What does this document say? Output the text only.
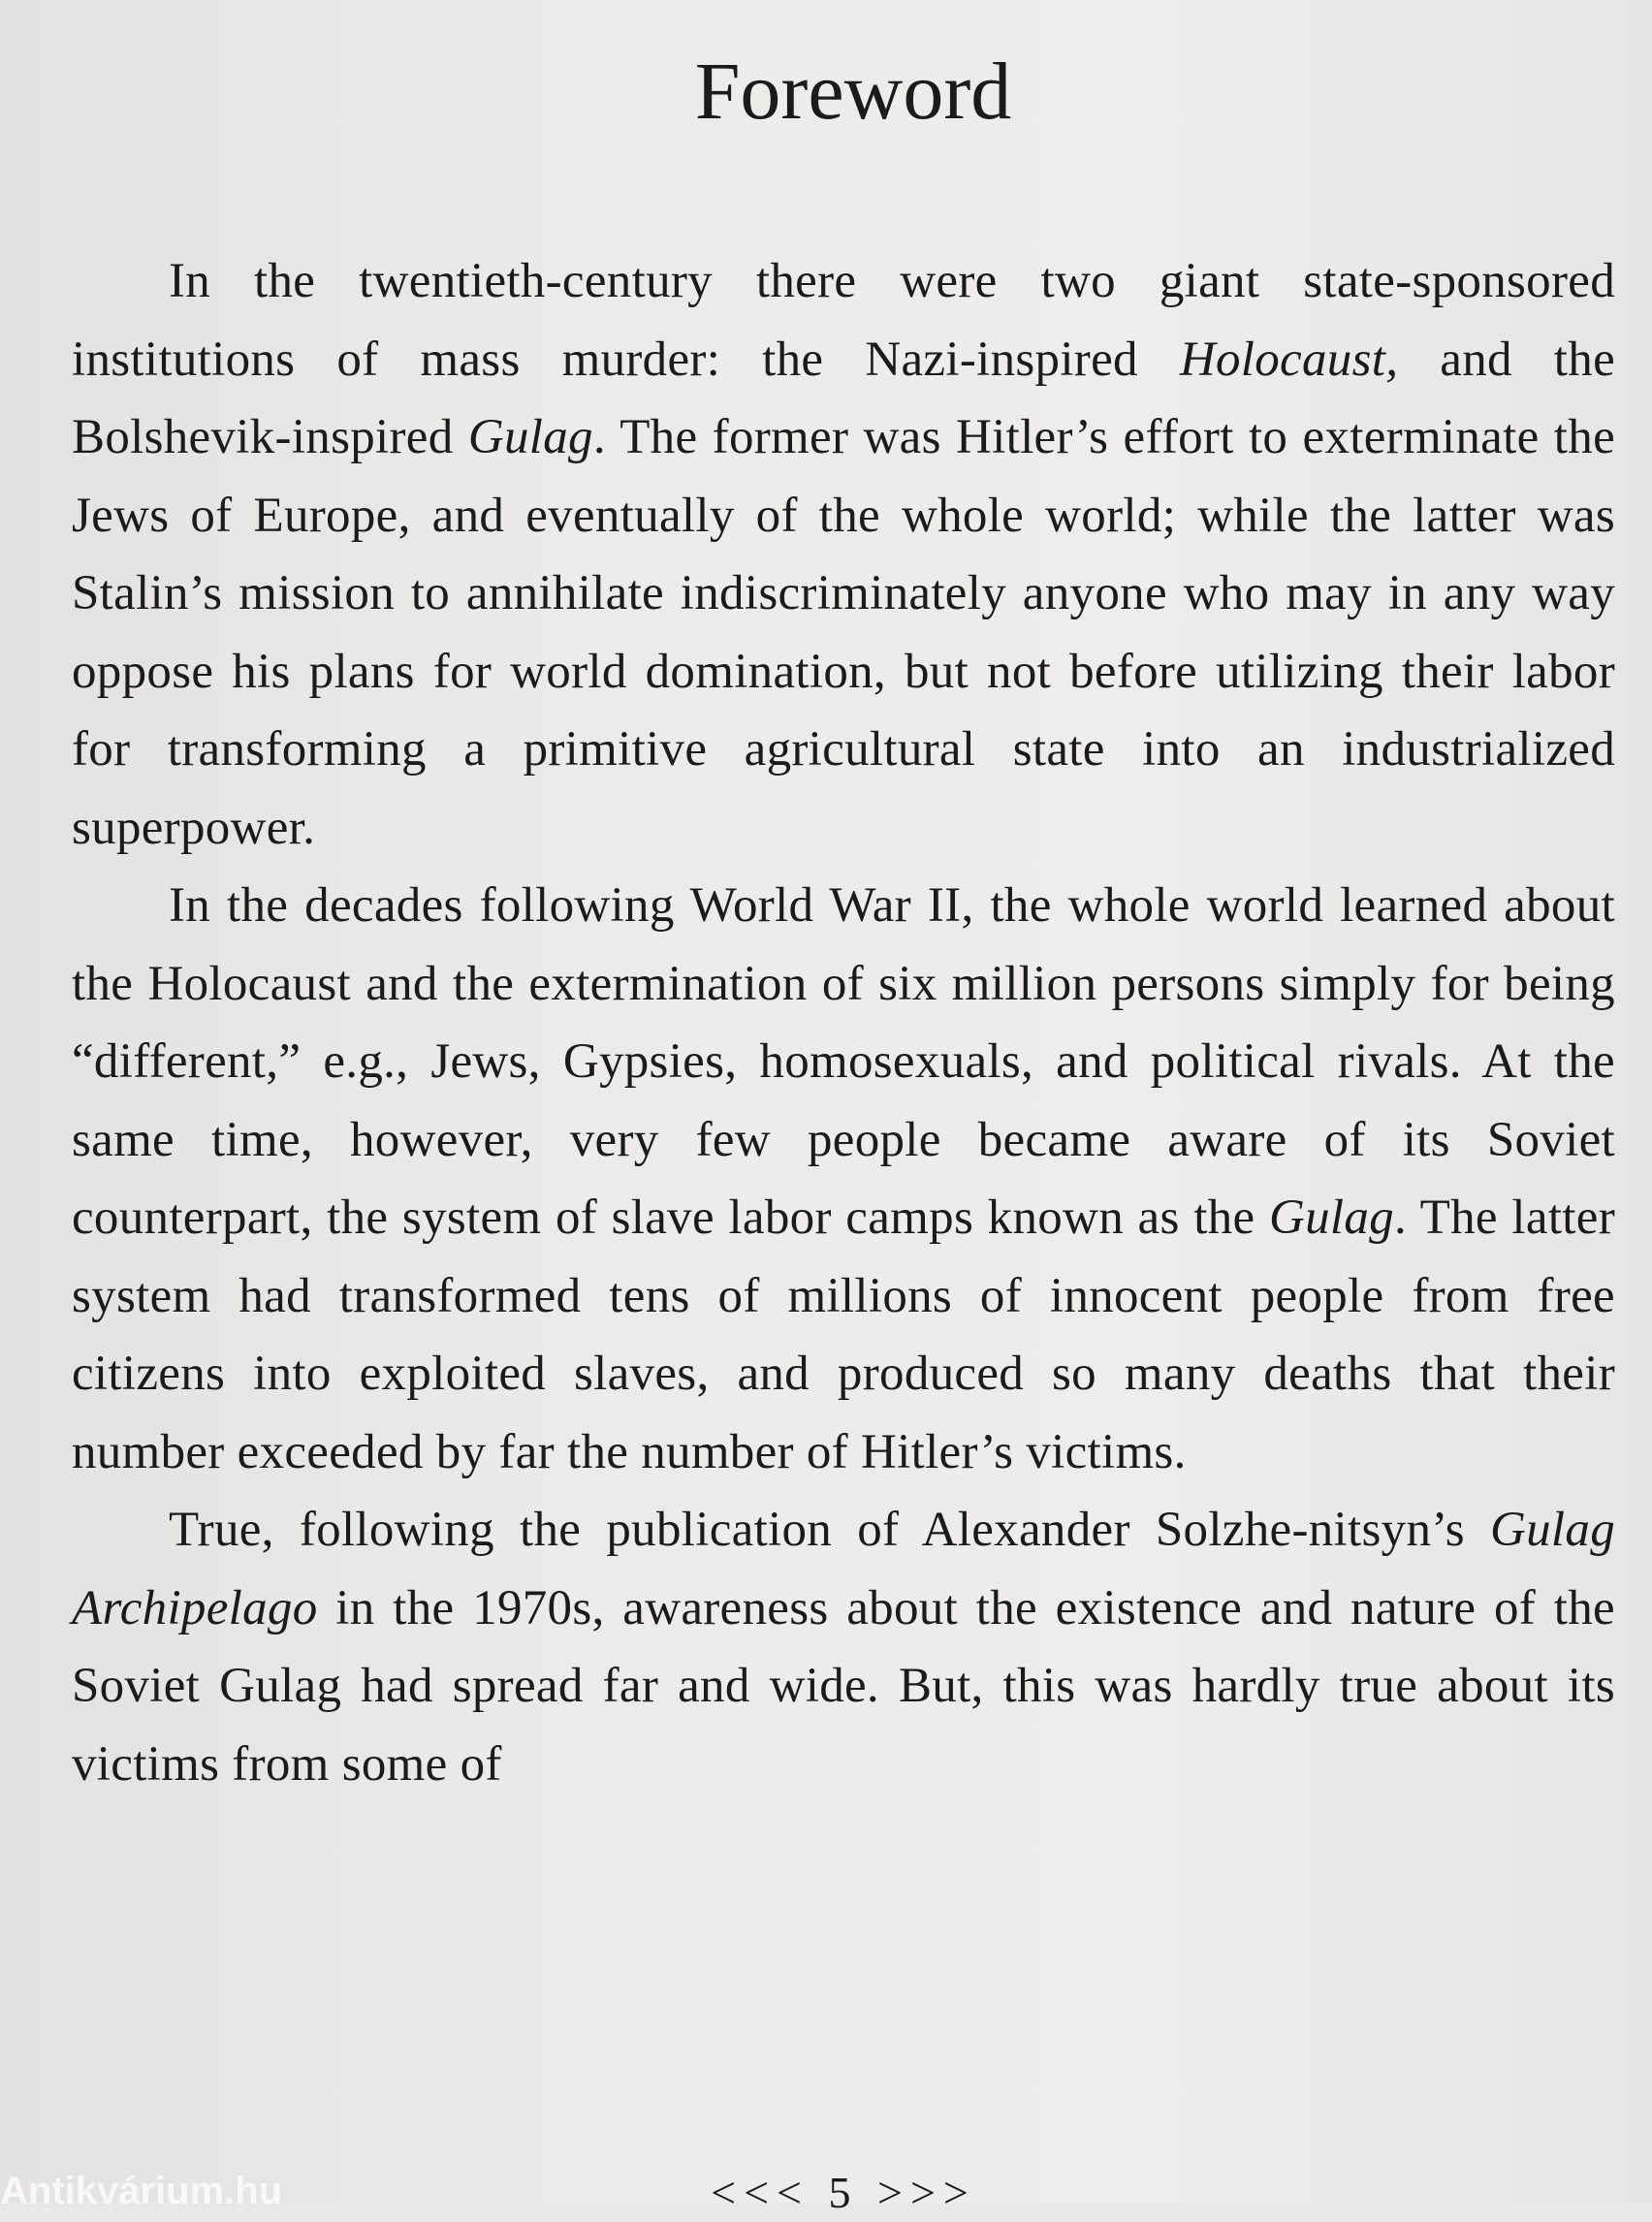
Foreword

In the twentieth-century there were two giant state-sponsored institutions of mass murder: the Nazi-inspired Holocaust, and the Bolshevik-inspired Gulag. The former was Hitler’s effort to exterminate the Jews of Europe, and eventually of the whole world; while the latter was Stalin’s mission to annihilate indiscriminately anyone who may in any way oppose his plans for world domination, but not before utilizing their labor for transforming a primitive agricultural state into an industrialized superpower.

In the decades following World War II, the whole world learned about the Holocaust and the extermination of six million persons simply for being “different,” e.g., Jews, Gypsies, homosexuals, and political rivals. At the same time, however, very few people became aware of its Soviet counterpart, the system of slave labor camps known as the Gulag. The latter system had transformed tens of millions of innocent people from free citizens into exploited slaves, and produced so many deaths that their number exceeded by far the number of Hitler’s victims.

True, following the publication of Alexander Solzhe-nitsyn’s Gulag Archipelago in the 1970s, awareness about the existence and nature of the Soviet Gulag had spread far and wide. But, this was hardly true about its victims from some of

<<< 5 >>>
Antikvárium.hu
